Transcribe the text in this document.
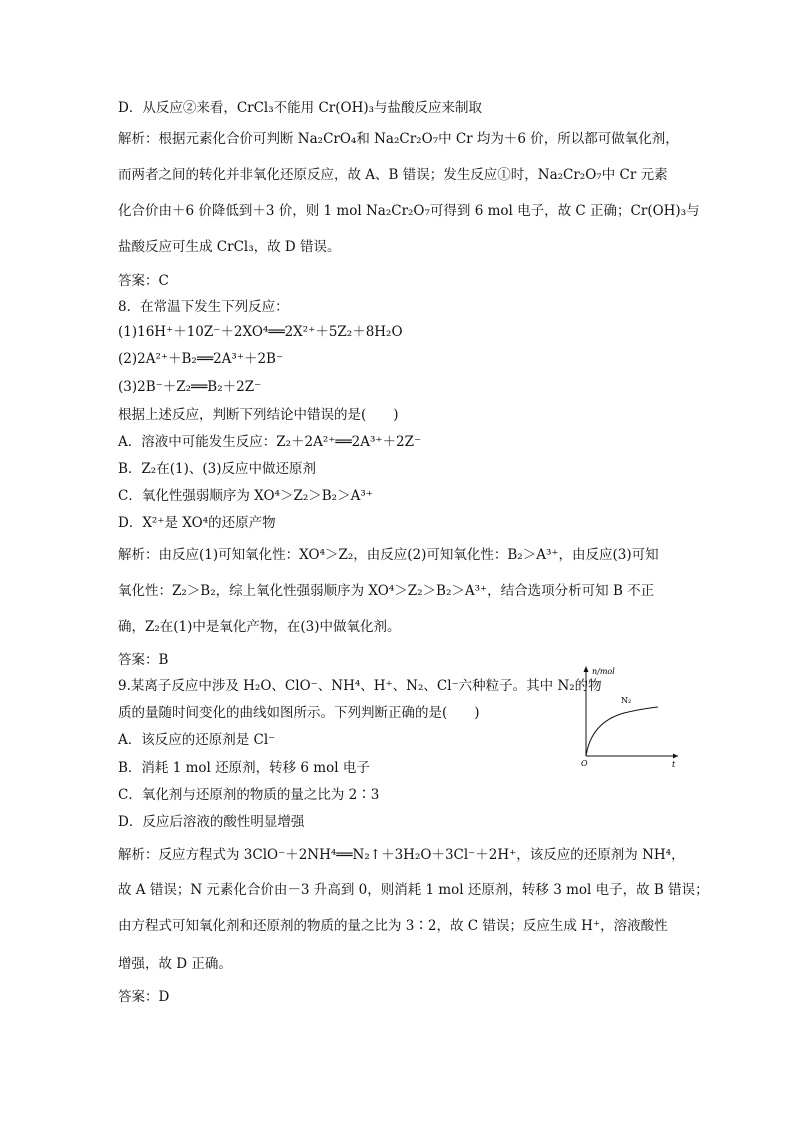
D．从反应②来看，CrCl₃不能用 Cr(OH)₃与盐酸反应来制取
解析：根据元素化合价可判断 Na₂CrO₄和 Na₂Cr₂O₇中 Cr 均为＋6 价，所以都可做氧化剂，
而两者之间的转化并非氧化还原反应，故 A、B 错误；发生反应①时，Na₂Cr₂O₇中 Cr 元素
化合价由＋6 价降低到＋3 价，则 1 mol Na₂Cr₂O₇可得到 6 mol 电子，故 C 正确；Cr(OH)₃与
盐酸反应可生成 CrCl₃，故 D 错误。
答案：C
8．在常温下发生下列反应：
(1)16H⁺＋10Z⁻＋2XO⁴══2X²⁺＋5Z₂＋8H₂O
(2)2A²⁺＋B₂══2A³⁺＋2B⁻
(3)2B⁻＋Z₂══B₂＋2Z⁻
根据上述反应，判断下列结论中错误的是(　　)
A．溶液中可能发生反应：Z₂＋2A²⁺══2A³⁺＋2Z⁻
B．Z₂在(1)、(3)反应中做还原剂
C．氧化性强弱顺序为 XO⁴＞Z₂＞B₂＞A³⁺
D．X²⁺是 XO⁴的还原产物
解析：由反应(1)可知氧化性：XO⁴＞Z₂，由反应(2)可知氧化性：B₂＞A³⁺，由反应(3)可知
氧化性：Z₂＞B₂，综上氧化性强弱顺序为 XO⁴＞Z₂＞B₂＞A³⁺，结合选项分析可知 B 不正
确，Z₂在(1)中是氧化产物，在(3)中做氧化剂。
答案：B
9.某离子反应中涉及 H₂O、ClO⁻、NH⁴、H⁺、N₂、Cl⁻六种粒子。其中 N₂的物
质的量随时间变化的曲线如图所示。下列判断正确的是(　　)
A．该反应的还原剂是 Cl⁻
B．消耗 1 mol 还原剂，转移 6 mol 电子
C．氧化剂与还原剂的物质的量之比为 2∶3
D．反应后溶液的酸性明显增强
解析：反应方程式为 3ClO⁻＋2NH⁴══N₂↑＋3H₂O＋3Cl⁻＋2H⁺，该反应的还原剂为 NH⁴，
故 A 错误；N 元素化合价由－3 升高到 0，则消耗 1 mol 还原剂，转移 3 mol 电子，故 B 错误；
由方程式可知氧化剂和还原剂的物质的量之比为 3∶2，故 C 错误；反应生成 H⁺，溶液酸性
增强，故 D 正确。
答案：D
n/mol
N₂
O	t
